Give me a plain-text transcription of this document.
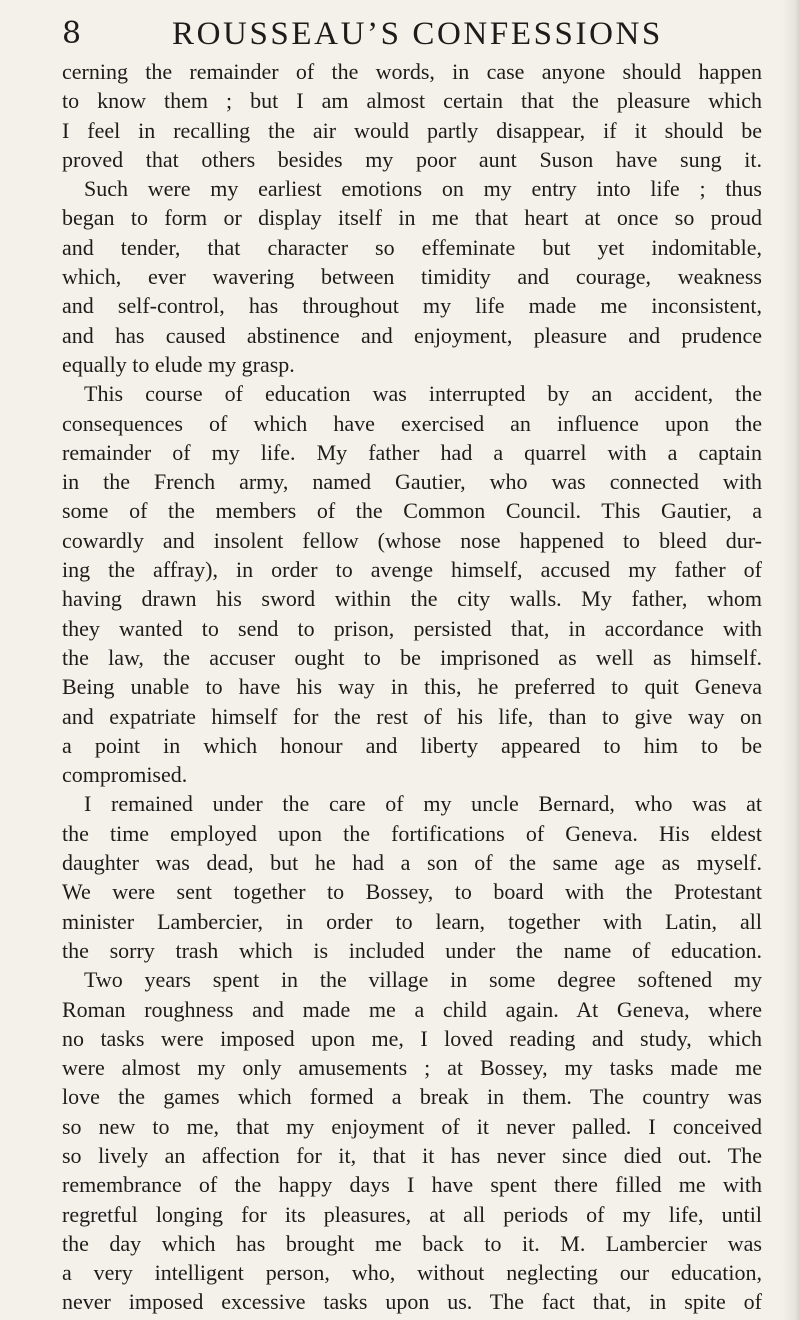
8	ROUSSEAU’S CONFESSIONS
cerning the remainder of the words, in case anyone should happen
to know them ; but I am almost certain that the pleasure which
I feel in recalling the air would partly disappear, if it should be
proved that others besides my poor aunt Suson have sung it.
Such were my earliest emotions on my entry into life ; thus
began to form or display itself in me that heart at once so proud
and tender, that character so effeminate but yet indomitable,
which, ever wavering between timidity and courage, weakness
and self-control, has throughout my life made me inconsistent,
and has caused abstinence and enjoyment, pleasure and prudence
equally to elude my grasp.
This course of education was interrupted by an accident, the
consequences of which have exercised an influence upon the
remainder of my life. My father had a quarrel with a captain
in the French army, named Gautier, who was connected with
some of the members of the Common Council. This Gautier, a
cowardly and insolent fellow (whose nose happened to bleed dur-
ing the affray), in order to avenge himself, accused my father of
having drawn his sword within the city walls. My father, whom
they wanted to send to prison, persisted that, in accordance with
the law, the accuser ought to be imprisoned as well as himself.
Being unable to have his way in this, he preferred to quit Geneva
and expatriate himself for the rest of his life, than to give way on
a point in which honour and liberty appeared to him to be
compromised.
I remained under the care of my uncle Bernard, who was at
the time employed upon the fortifications of Geneva. His eldest
daughter was dead, but he had a son of the same age as myself.
We were sent together to Bossey, to board with the Protestant
minister Lambercier, in order to learn, together with Latin, all
the sorry trash which is included under the name of education.
Two years spent in the village in some degree softened my
Roman roughness and made me a child again. At Geneva, where
no tasks were imposed upon me, I loved reading and study, which
were almost my only amusements ; at Bossey, my tasks made me
love the games which formed a break in them. The country was
so new to me, that my enjoyment of it never palled. I conceived
so lively an affection for it, that it has never since died out. The
remembrance of the happy days I have spent there filled me with
regretful longing for its pleasures, at all periods of my life, until
the day which has brought me back to it. M. Lambercier was
a very intelligent person, who, without neglecting our education,
never imposed excessive tasks upon us. The fact that, in spite of
